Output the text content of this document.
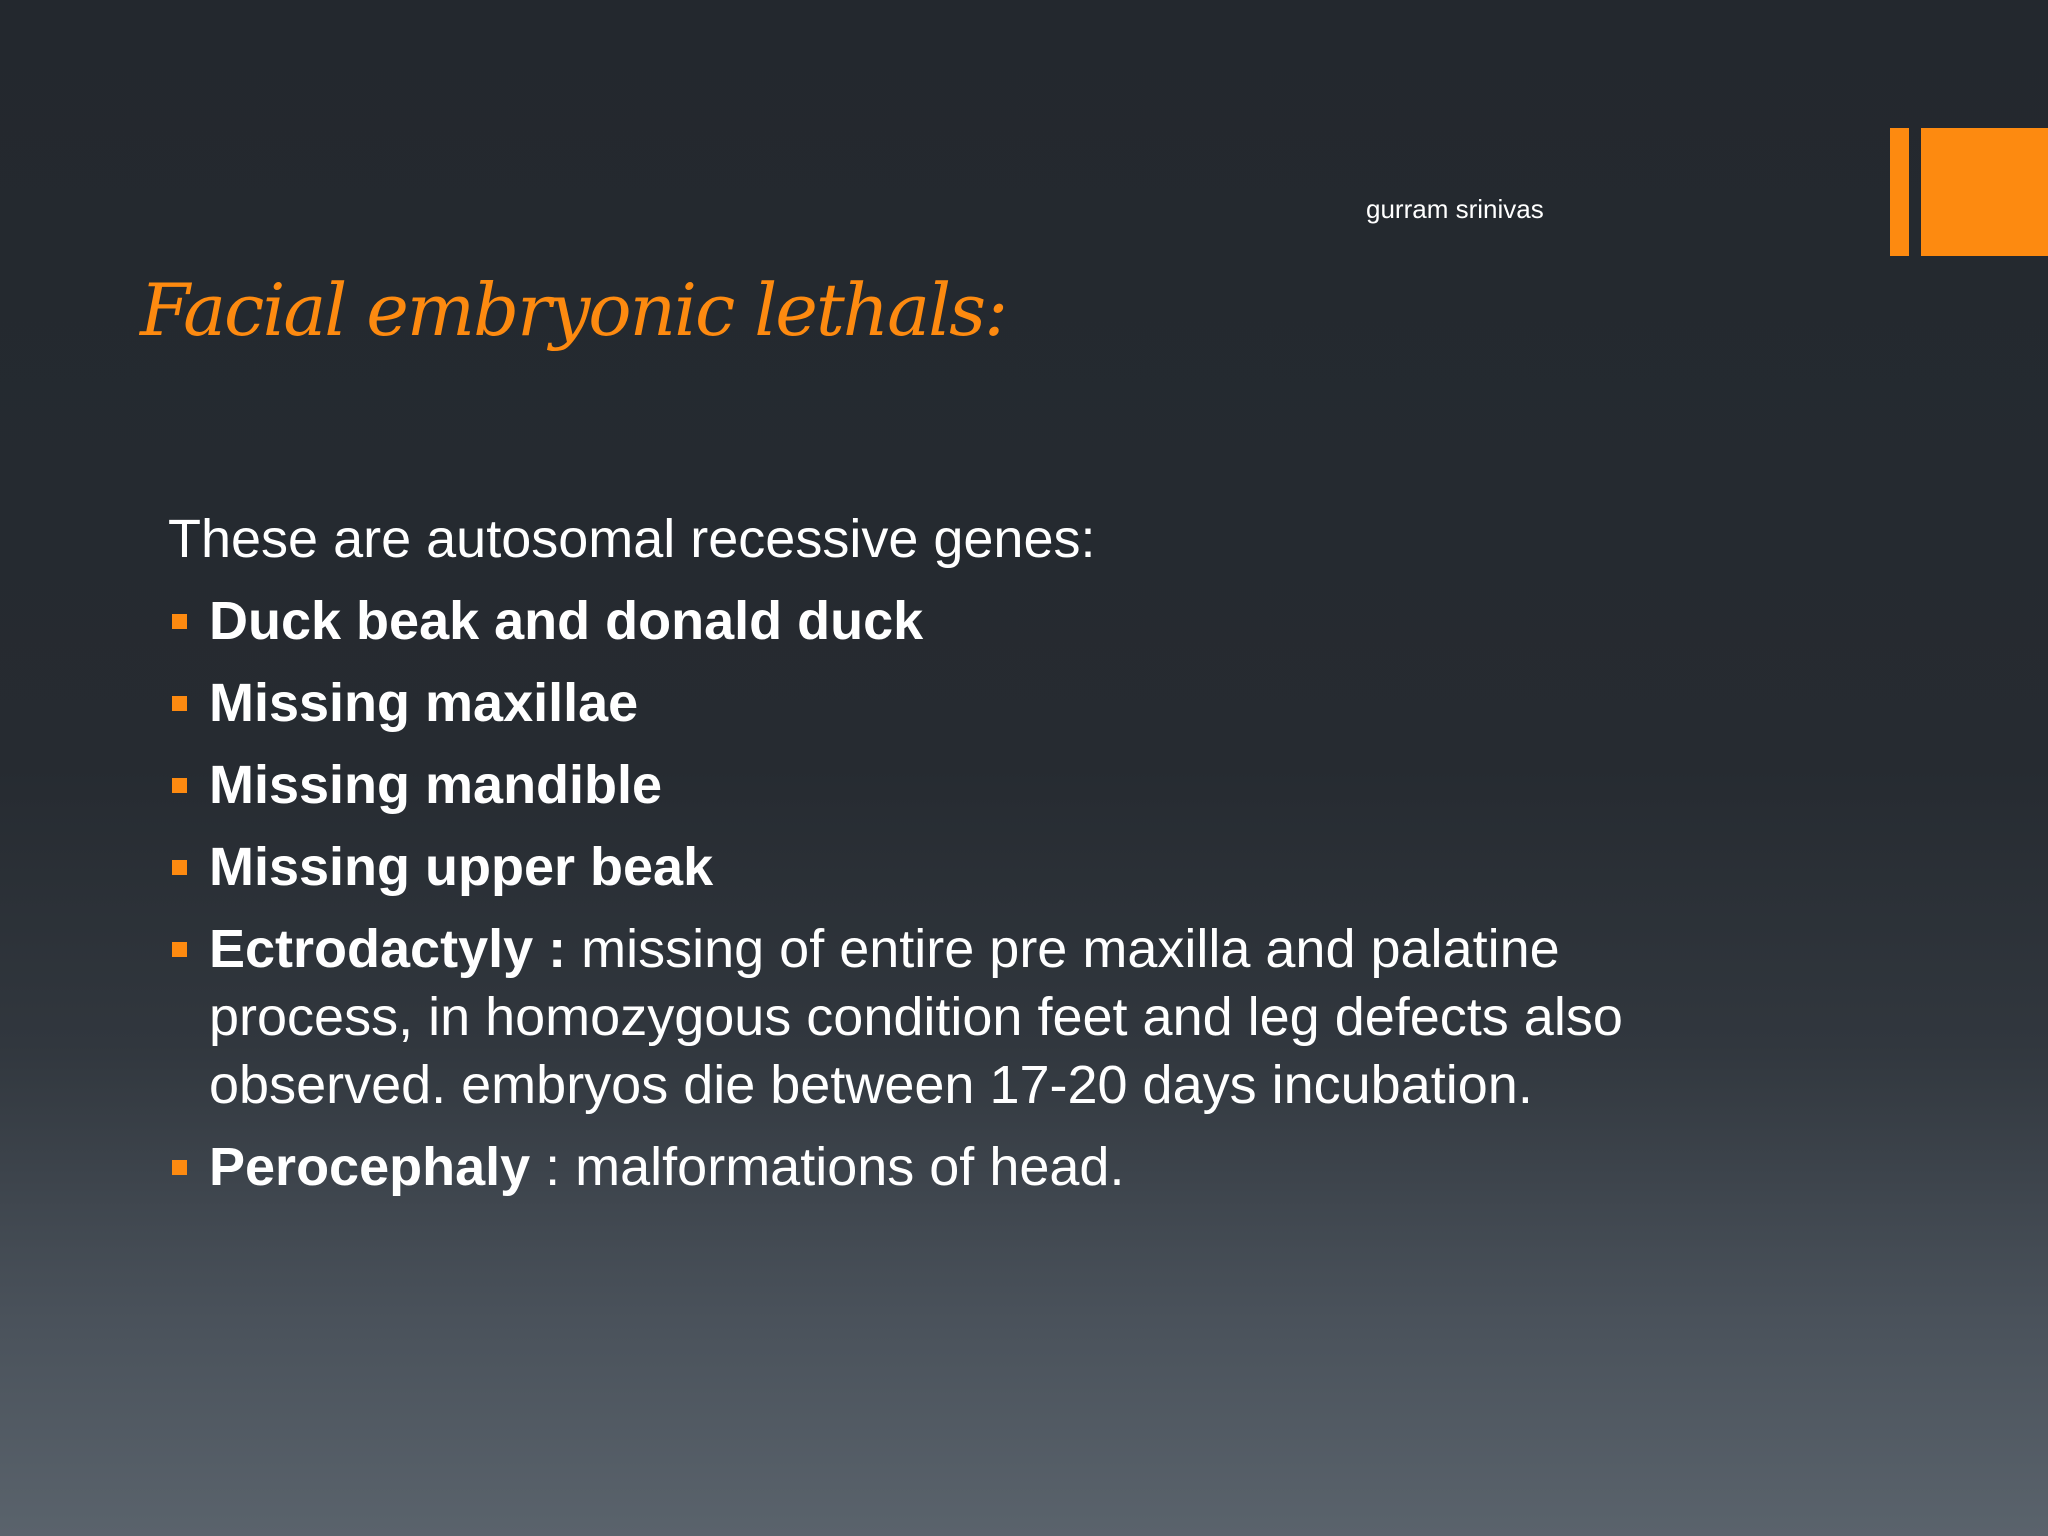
gurram srinivas
Facial embryonic lethals:

These are autosomal recessive genes:

Duck beak and donald duck
Missing maxillae
Missing mandible
Missing upper beak
Ectrodactyly : missing of entire pre maxilla and palatine process, in homozygous condition feet and leg defects also observed. embryos die between 17-20 days incubation.
Perocephaly : malformations of head.
